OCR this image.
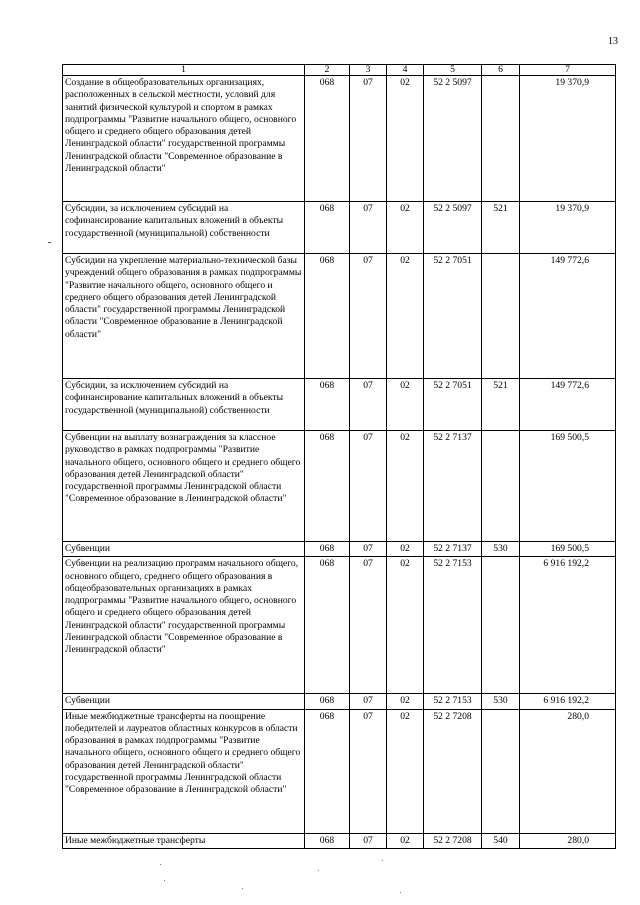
13
1	2	3	4	5	6	7
Создание в общеобразовательных организациях, расположенных в сельской местности, условий для занятий физической культурой и спортом в рамках подпрограммы "Развитие начального общего, основного общего и среднего общего образования детей Ленинградской области" государственной программы Ленинградской области "Современное образование в Ленинградской области"	068	07	02	52 2 5097		19 370,9
Субсидии, за исключением субсидий на софинансирование капитальных вложений в объекты государственной (муниципальной) собственности	068	07	02	52 2 5097	521	19 370,9
Субсидии на укрепление материально-технической базы учреждений общего образования в рамках подпрограммы "Развитие начального общего, основного общего и среднего общего образования детей Ленинградской области" государственной программы Ленинградской области "Современное образование в Ленинградской области"	068	07	02	52 2 7051		149 772,6
Субсидии, за исключением субсидий на софинансирование капитальных вложений в объекты государственной (муниципальной) собственности	068	07	02	52 2 7051	521	149 772,6
Субвенции на выплату вознаграждения за классное руководство в рамках подпрограммы "Развитие начального общего, основного общего и среднего общего образования детей Ленинградской области" государственной программы Ленинградской области "Современное образование в Ленинградской области"	068	07	02	52 2 7137		169 500,5
Субвенции	068	07	02	52 2 7137	530	169 500,5
Субвенции на реализацию программ начального общего, основного общего, среднего общего образования в общеобразовательных организациях в рамках подпрограммы "Развитие начального общего, основного общего и среднего общего образования детей Ленинградской области" государственной программы Ленинградской области "Современное образование в Ленинградской области"	068	07	02	52 2 7153		6 916 192,2
Субвенции	068	07	02	52 2 7153	530	6 916 192,2
Иные межбюджетные трансферты на поощрение победителей и лауреатов областных конкурсов в области образования в рамках подпрограммы "Развитие начального общего, основного общего и среднего общего образования детей Ленинградской области" государственной программы Ленинградской области "Современное образование в Ленинградской области"	068	07	02	52 2 7208		280,0
Иные межбюджетные трансферты	068	07	02	52 2 7208	540	280,0
